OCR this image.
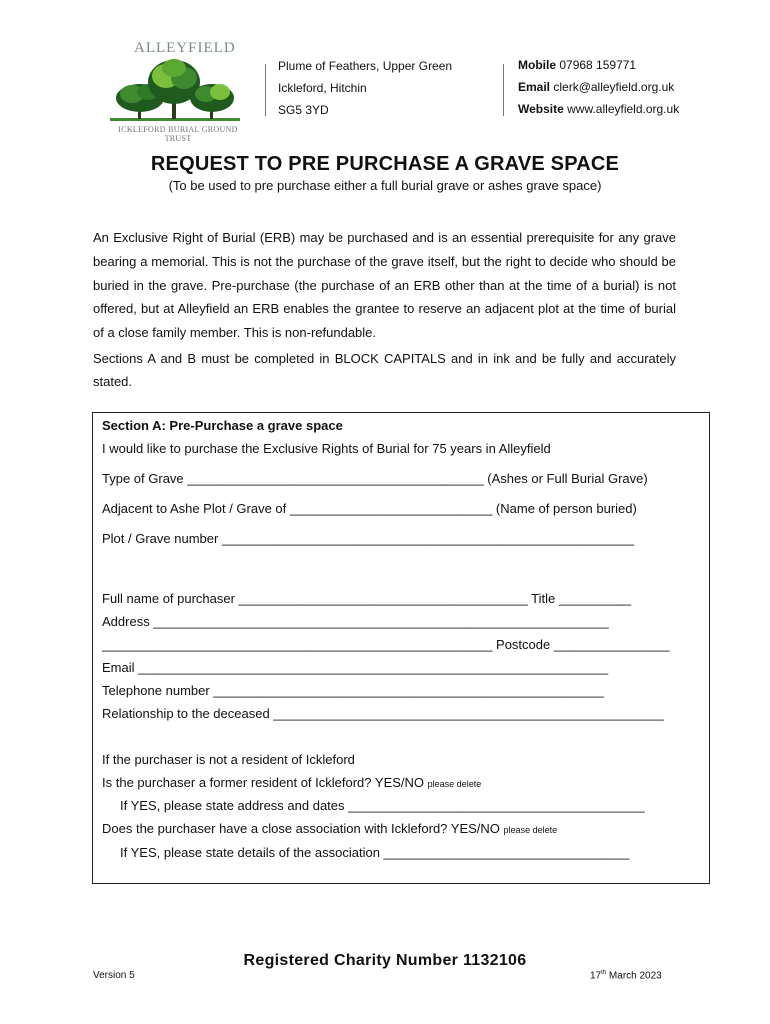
ALLEYFIELD
ICKLEFORD BURIAL GROUND TRUST
Plume of Feathers, Upper Green
Ickleford, Hitchin
SG5 3YD
Mobile 07968 159771
Email clerk@alleyfield.org.uk
Website www.alleyfield.org.uk
REQUEST TO PRE PURCHASE A GRAVE SPACE
(To be used to pre purchase either a full burial grave or ashes grave space)
An Exclusive Right of Burial (ERB) may be purchased and is an essential prerequisite for any grave bearing a memorial. This is not the purchase of the grave itself, but the right to decide who should be buried in the grave. Pre-purchase (the purchase of an ERB other than at the time of a burial) is not offered, but at Alleyfield an ERB enables the grantee to reserve an adjacent plot at the time of burial of a close family member. This is non-refundable.
Sections A and B must be completed in BLOCK CAPITALS and in ink and be fully and accurately stated.
Section A: Pre-Purchase a grave space
I would like to purchase the Exclusive Rights of Burial for 75 years in Alleyfield
Type of Grave _________________________________________ (Ashes or Full Burial Grave)
Adjacent to Ashe Plot / Grave of ____________________________ (Name of person buried)
Plot / Grave number _________________________________________________________
Full name of purchaser ________________________________________ Title __________
Address _______________________________________________________________
______________________________________________________ Postcode ________________
Email _________________________________________________________________
Telephone number ______________________________________________________
Relationship to the deceased ______________________________________________________
If the purchaser is not a resident of Ickleford
Is the purchaser a former resident of Ickleford? YES/NO please delete
If YES, please state address and dates _________________________________________
Does the purchaser have a close association with Ickleford? YES/NO please delete
If YES, please state details of the association __________________________________
Registered Charity Number 1132106
Version 5	17th March 2023
